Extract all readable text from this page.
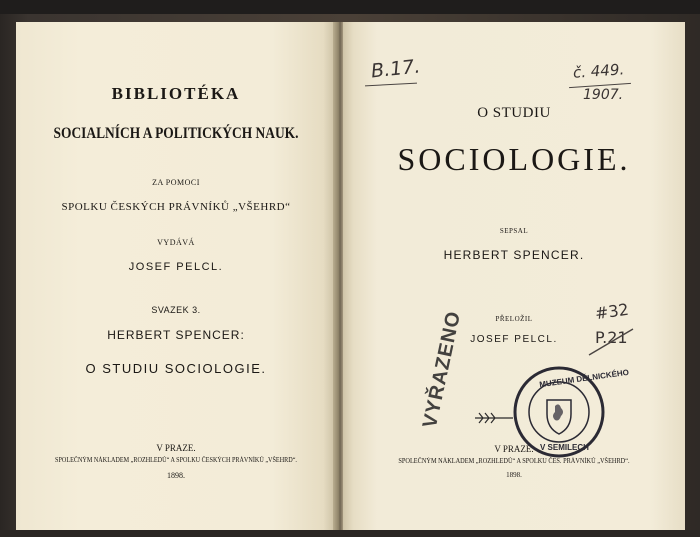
BIBLIOTÉKA
SOCIALNÍCH A POLITICKÝCH NAUK.
ZA POMOCI
SPOLKU ČESKÝCH PRÁVNÍKŮ „VŠEHRD“
VYDÁVÁ
JOSEF PELCL.
SVAZEK 3.
HERBERT SPENCER:
O STUDIU SOCIOLOGIE.
V PRAZE.
SPOLEČNÝM NÁKLADEM „ROZHLEDŮ“ A SPOLKU ČESKÝCH PRÁVNÍKŮ „VŠEHRD“.
1898.
O STUDIU
SOCIOLOGIE.
SEPSAL
HERBERT SPENCER.
PŘELOŽIL
JOSEF PELCL.
V PRAZE.
SPOLEČNÝM NÁKLADEM „ROZHLEDŮ“ A SPOLKU ČES. PRÁVNÍKŮ „VŠEHRD“.
1898.
B.17.	č. 449.
1907.
#32
P.21
VYŘAZENO	MUZEUM DĚLNICKÉHO
V SEMILECH
